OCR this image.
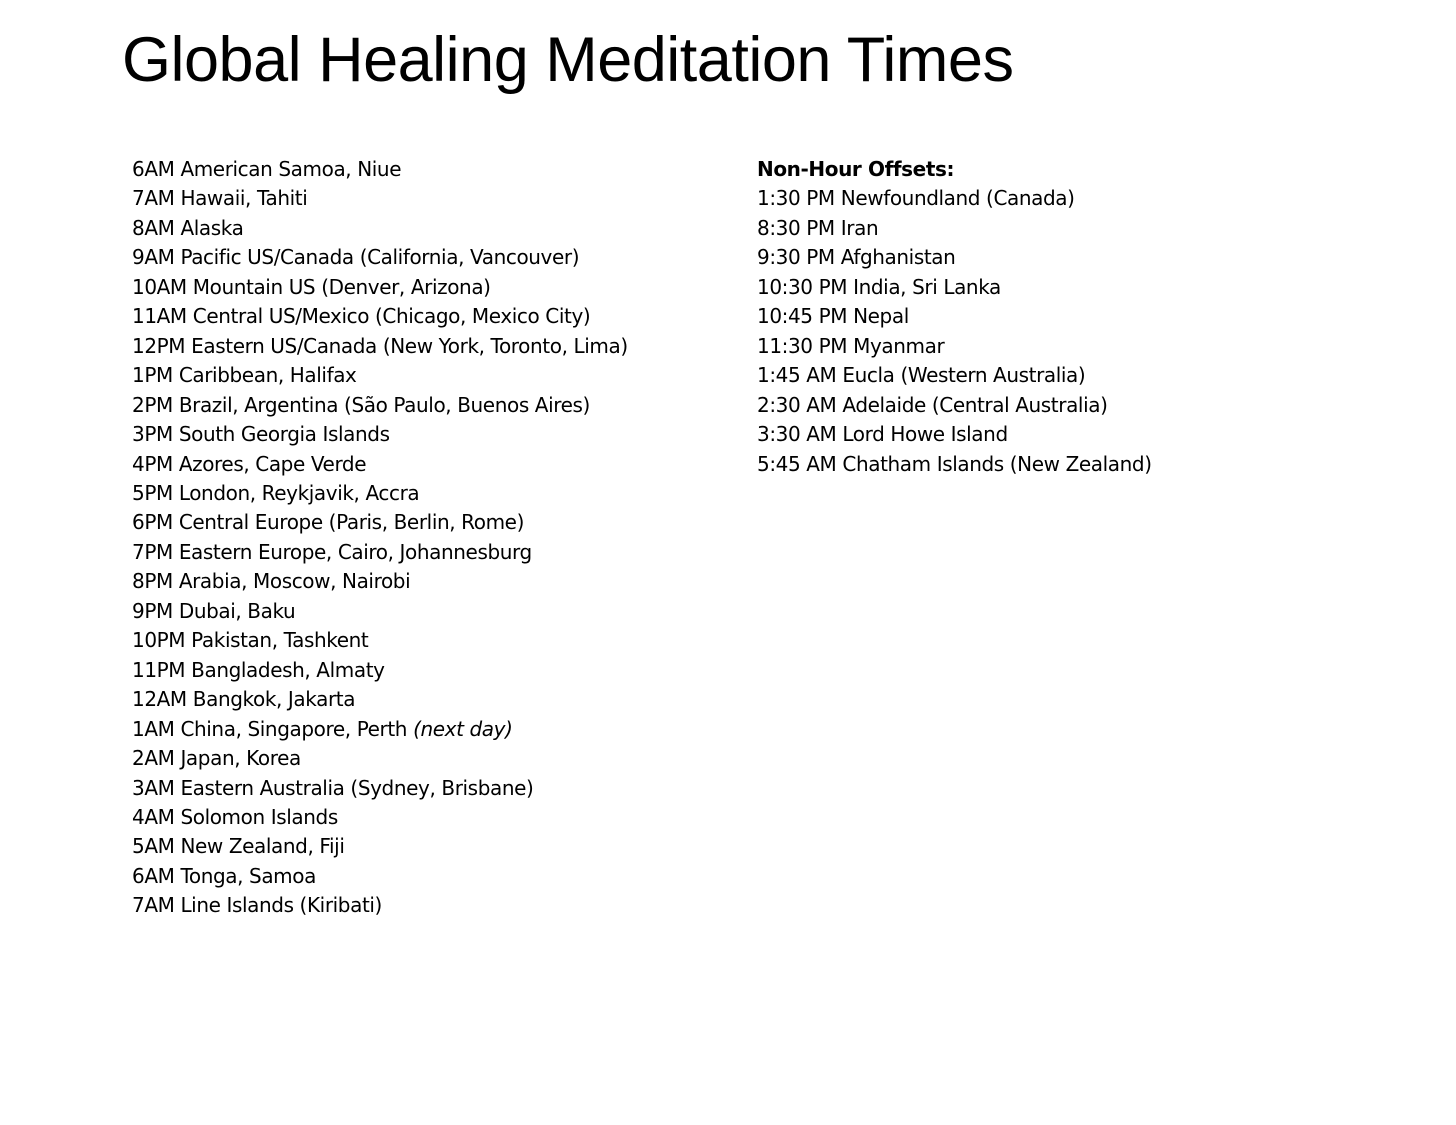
Global Healing Meditation Times
6AM American Samoa, Niue
7AM Hawaii, Tahiti
8AM Alaska
9AM Pacific US/Canada (California, Vancouver)
10AM Mountain US (Denver, Arizona)
11AM Central US/Mexico (Chicago, Mexico City)
12PM Eastern US/Canada (New York, Toronto, Lima)
1PM Caribbean, Halifax
2PM Brazil, Argentina (São Paulo, Buenos Aires)
3PM South Georgia Islands
4PM Azores, Cape Verde
5PM London, Reykjavik, Accra
6PM Central Europe (Paris, Berlin, Rome)
7PM Eastern Europe, Cairo, Johannesburg
8PM Arabia, Moscow, Nairobi
9PM Dubai, Baku
10PM Pakistan, Tashkent
11PM Bangladesh, Almaty
12AM Bangkok, Jakarta
1AM China, Singapore, Perth (next day)
2AM Japan, Korea
3AM Eastern Australia (Sydney, Brisbane)
4AM Solomon Islands
5AM New Zealand, Fiji
6AM Tonga, Samoa
7AM Line Islands (Kiribati)
Non-Hour Offsets:
1:30 PM Newfoundland (Canada)
8:30 PM Iran
9:30 PM Afghanistan
10:30 PM India, Sri Lanka
10:45 PM Nepal
11:30 PM Myanmar
1:45 AM Eucla (Western Australia)
2:30 AM Adelaide (Central Australia)
3:30 AM Lord Howe Island
5:45 AM Chatham Islands (New Zealand)
